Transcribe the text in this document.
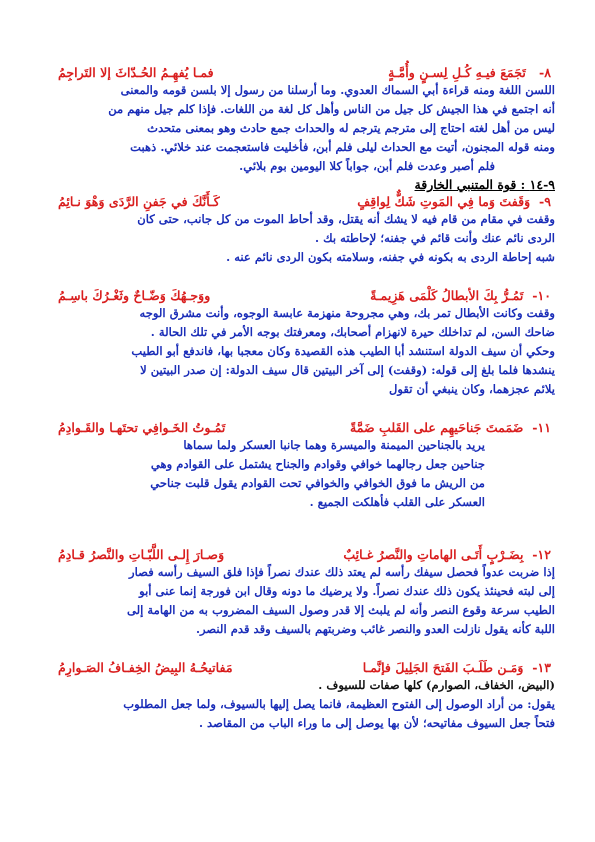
٨-   تَجَمَعَ فيـهِ كُـلِ لِسـنٍ وأُمَّـةٍ
فمـا يُفهِـمُ الحُـدّاثَ إلا التَراجِمُ
اللسن اللغة ومنه قراءة أبي السماك العدوي. وما أرسلنا من رسول إلا بلسن قومه والمعنى
أنه اجتمع في هذا الجيش كل جيل من الناس وأهل كل لغة من اللغات. فإذا كلم جيل منهم من
ليس من أهل لغته احتاج إلى مترجم يترجم له والحداث جمع حادث وهو بمعنى متحدث
ومنه قوله المجنون، أتيت مع الحداث ليلى فلم أبن، فأخليت فاستعجمت عند خلائي. ذهبت
فلم أصبر وعدت فلم أبن، جواباً كلا اليومين بوم بلائي.
٩-١٤ : قوة المتنبي الخارقة
٩-  وَقَفتَ وَما فِي المَوتِ شَكٌّ لِواقِفٍ
كَـأَنَّكَ في جَفنِ الرَّدَى وَهْوَ نـائِمُ
وقفت في مقام من قام فيه لا يشك أنه يقتل، وقد أحاط الموت من كل جانب، حتى كان
الردى نائم عنك وأنت قائم في جفنه؛ لإحاطته بك .
شبه إحاطة الردى به بكونه في جفنه، وسلامته بكون الردى نائم عنه .
١٠-  تَمُـرُّ بِكَ الأبطالُ كَلْمَى هَزِيمـةً
ووَجـهُكَ وَضّـاحٌ وثَغْـرُكَ باسِـمُ
وقفت وكانت الأبطال تمر بك، وهي مجروحة منهزمة عابسة الوجوه، وأنت مشرق الوجه
ضاحك السن، لم تداخلك حيرة لانهزام أصحابك، ومعرفتك بوجه الأمر في تلك الحالة .
وحكي أن سيف الدولة استنشد أبا الطيب هذه القصيدة وكان معجبا بها، فاندفع أبو الطيب
ينشدها فلما بلغ إلى قوله: (وقفت) إلى آخر البيتين قال سيف الدولة: إن صدر البيتين لا
يلائم عجزهما، وكان ينبغي أن تقول
١١-  ضَمَمتَ جَناحَيهِم على القَلبِ ضَمَّةً
تَمُـوتُ الخَـوافِي تحتَهـا والقَـوادِمُ
يريد بالجناحين الميمنة والميسرة وهما جانبا العسكر ولما سماها
جناحين جعل رجالهما خوافي وقوادم والجناح يشتمل على القوادم وهي
من الريش ما فوق الخوافي والخوافي تحت القوادم يقول قلبت جناحي
العسكر على القلب فأهلكت الجميع .
١٢-  بِضَـرْبٍ أَتَـى الهاماتِ والنَّصرُ غـائِبٌ
وَصـارَ إِلـى اللَّبّـاتِ والنَّصرُ قـادِمُ
إذا ضربت عدواً فحصل سيفك رأسه لم يعتد ذلك عندك نصراً فإذا فلق السيف رأسه فصار
إلى لبته فحينئذ يكون ذلك عندك نصراً. ولا يرضيك ما دونه وقال ابن فورجة إنما عنى أبو
الطيب سرعة وقوع النصر وأنه لم يلبث إلا قدر وصول السيف المضروب به من الهامة إلى
اللبة كأنه يقول نازلت العدو والنصر غائب وضربتهم بالسيف وقد قدم النصر.
١٣-  وَمَـن طَلَـبَ الفَتحَ الجَلِيلَ فإنَّمـا
مَفاتيحُـهُ البِيضُ الخِفـافُ الصَـوارِمُ
(البيض، الخفاف، الصوارم) كلها صفات للسيوف .
يقول: من أراد الوصول إلى الفتوح العظيمة، فانما يصل إليها بالسيوف، ولما جعل المطلوب
فتحاً جعل السيوف مفاتيحه؛ لأن بها يوصل إلى ما وراء الباب من المقاصد .
